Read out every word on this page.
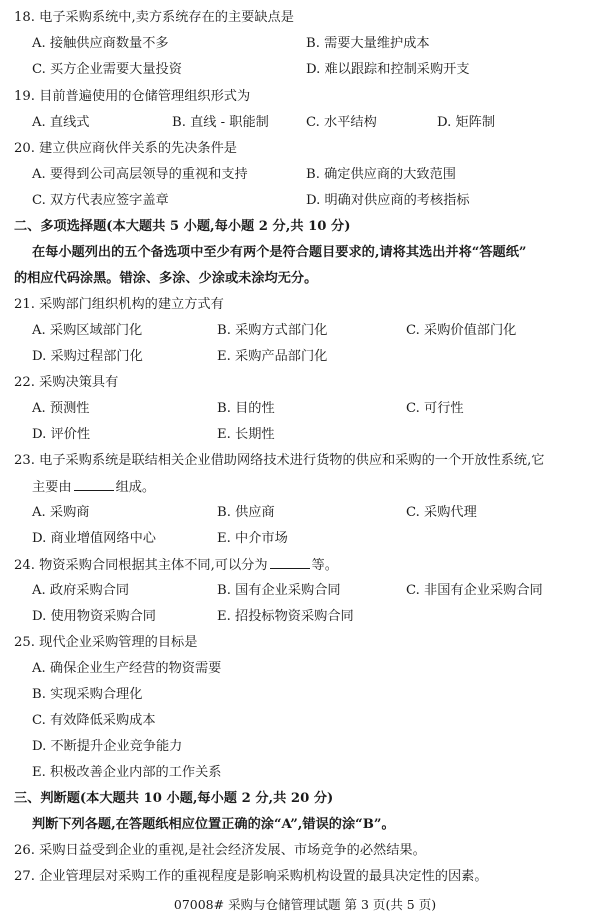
18. 电子采购系统中,卖方系统存在的主要缺点是
A. 接触供应商数量不多	B. 需要大量维护成本
C. 买方企业需要大量投资	D. 难以跟踪和控制采购开支
19. 目前普遍使用的仓储管理组织形式为
A. 直线式	B. 直线 - 职能制	C. 水平结构	D. 矩阵制
20. 建立供应商伙伴关系的先决条件是
A. 要得到公司高层领导的重视和支持	B. 确定供应商的大致范围
C. 双方代表应签字盖章	D. 明确对供应商的考核指标
二、多项选择题(本大题共 5 小题,每小题 2 分,共 10 分)
在每小题列出的五个备选项中至少有两个是符合题目要求的,请将其选出并将“答题纸”
的相应代码涂黑。错涂、多涂、少涂或未涂均无分。
21. 采购部门组织机构的建立方式有
A. 采购区域部门化	B. 采购方式部门化	C. 采购价值部门化
D. 采购过程部门化	E. 采购产品部门化
22. 采购决策具有
A. 预测性	B. 目的性	C. 可行性
D. 评价性	E. 长期性
23. 电子采购系统是联结相关企业借助网络技术进行货物的供应和采购的一个开放性系统,它
主要由	组成。
A. 采购商	B. 供应商	C. 采购代理
D. 商业增值网络中心	E. 中介市场
24. 物资采购合同根据其主体不同,可以分为	等。
A. 政府采购合同	B. 国有企业采购合同	C. 非国有企业采购合同
D. 使用物资采购合同	E. 招投标物资采购合同
25. 现代企业采购管理的目标是
A. 确保企业生产经营的物资需要
B. 实现采购合理化
C. 有效降低采购成本
D. 不断提升企业竞争能力
E. 积极改善企业内部的工作关系
三、判断题(本大题共 10 小题,每小题 2 分,共 20 分)
判断下列各题,在答题纸相应位置正确的涂“A”,错误的涂“B”。
26. 采购日益受到企业的重视,是社会经济发展、市场竞争的必然结果。
27. 企业管理层对采购工作的重视程度是影响采购机构设置的最具决定性的因素。
07008# 采购与仓储管理试题 第 3 页(共 5 页)
